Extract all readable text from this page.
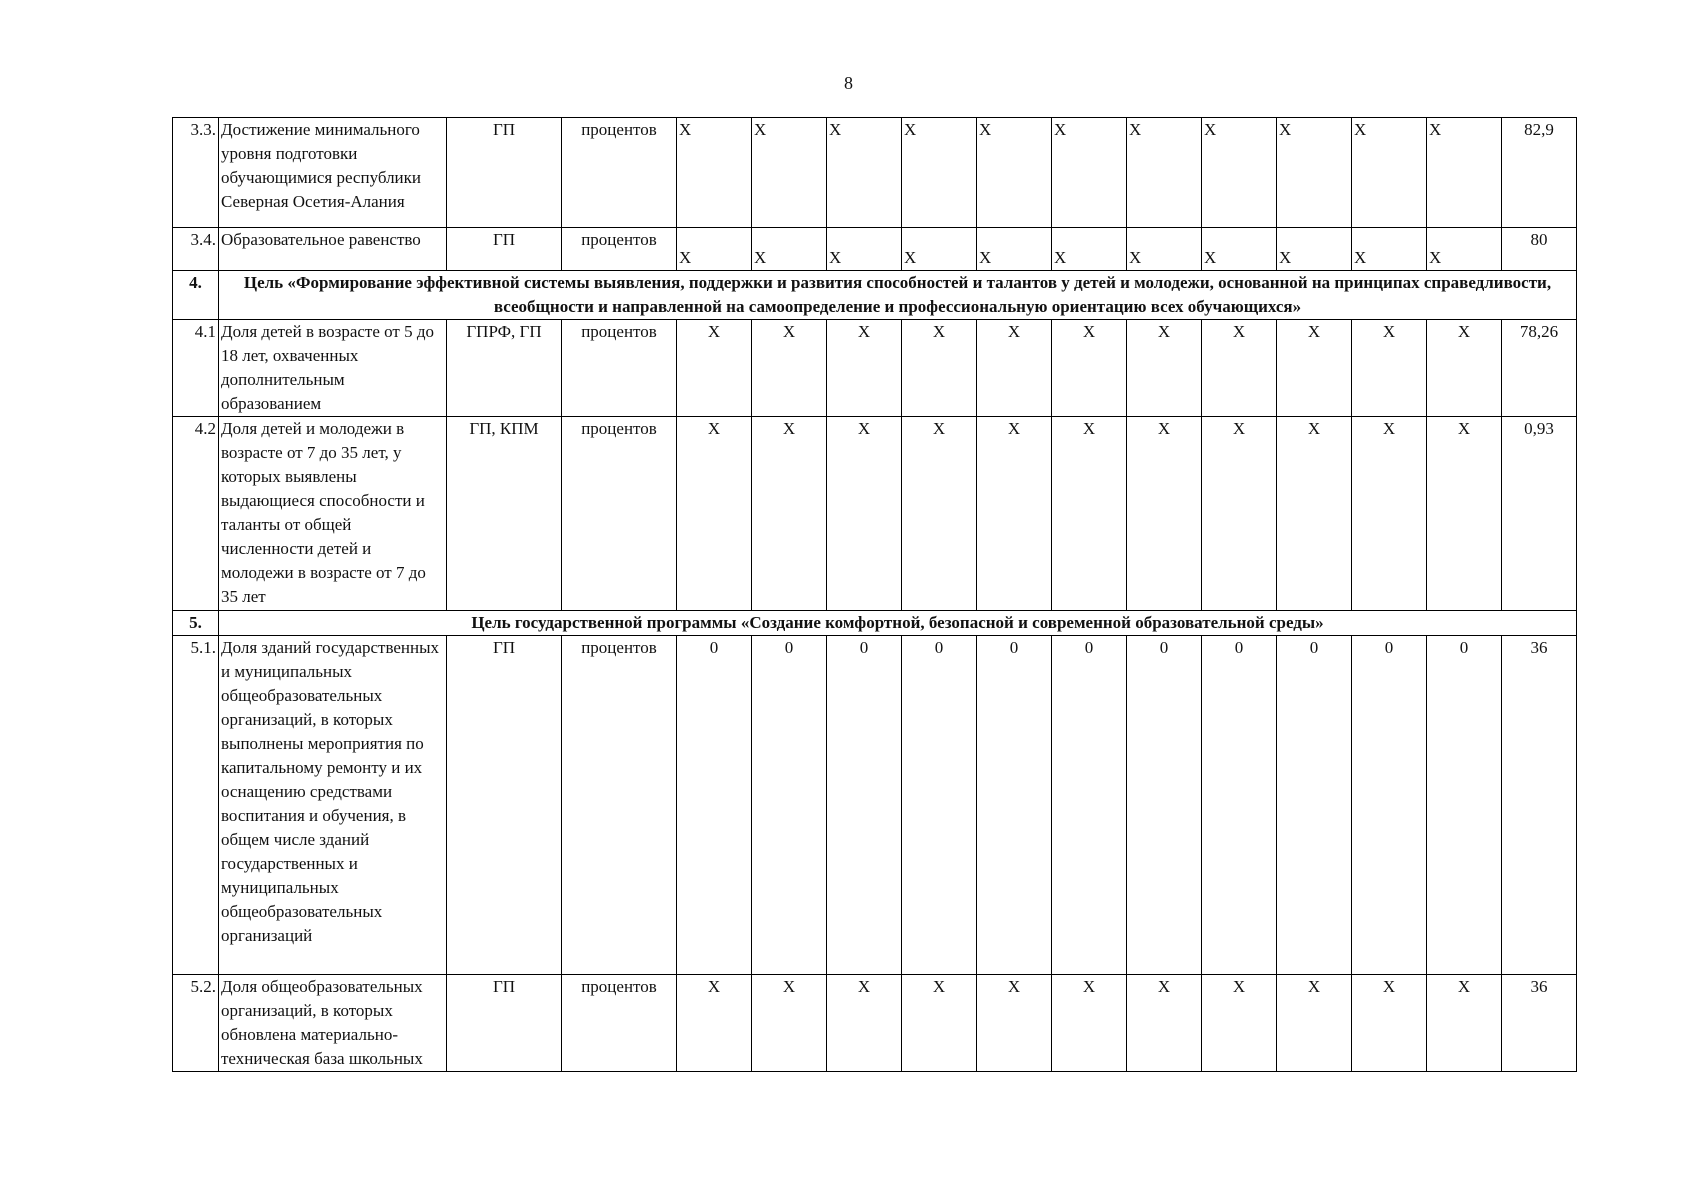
8
3.3.	Достижение минимального уровня подготовки обучающимися республики Северная Осетия-Алания	ГП	процентов	X	X	X	X	X	X	X	X	X	X	X	82,9
3.4.	Образовательное равенство	ГП	процентов	X	X	X	X	X	X	X	X	X	X	X	80
4.	Цель «Формирование эффективной системы выявления, поддержки и развития способностей и талантов у детей и молодежи, основанной на принципах справедливости, всеобщности и направленной на самоопределение и профессиональную ориентацию всех обучающихся»														
4.1	Доля детей в возрасте от 5 до 18 лет, охваченных дополнительным образованием	ГПРФ, ГП	процентов	X	X	X	X	X	X	X	X	X	X	X	78,26
4.2	Доля детей и молодежи в возрасте от 7 до 35 лет, у которых выявлены выдающиеся способности и таланты от общей численности детей и молодежи в возрасте от 7 до 35 лет	ГП, КПМ	процентов	X	X	X	X	X	X	X	X	X	X	X	0,93
5.	Цель государственной программы «Создание комфортной, безопасной и современной образовательной среды»														
5.1.	Доля зданий государственных и муниципальных общеобразовательных организаций, в которых выполнены мероприятия по капитальному ремонту и их оснащению средствами воспитания и обучения, в общем числе зданий государственных и муниципальных общеобразовательных организаций	ГП	процентов	0	0	0	0	0	0	0	0	0	0	0	36
5.2.	Доля общеобразовательных организаций, в которых обновлена материально-техническая база школьных	ГП	процентов	X	X	X	X	X	X	X	X	X	X	X	36
